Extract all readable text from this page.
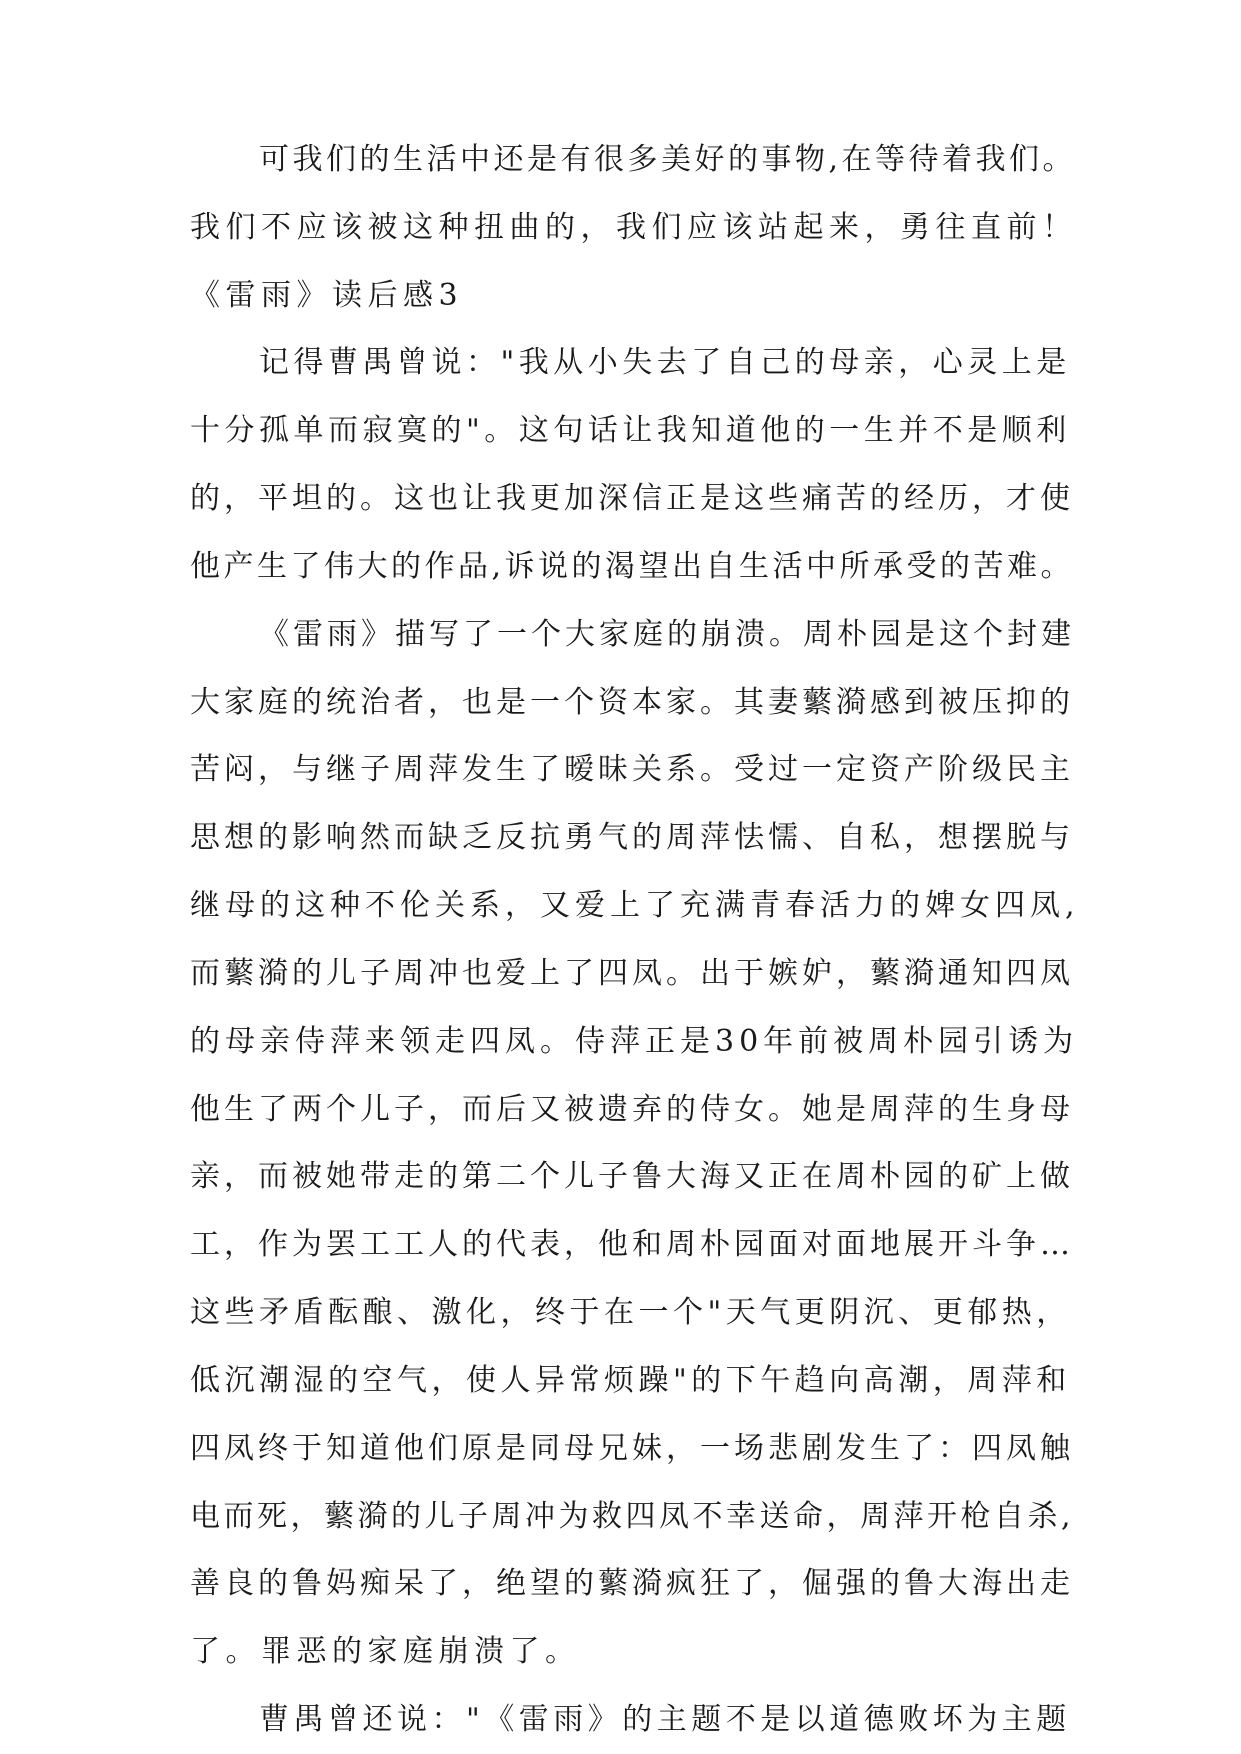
可我们的生活中还是有很多美好的事物,在等待着我们。

我们不应该被这种扭曲的，我们应该站起来，勇往直前！

《雷雨》读后感3

记得曹禺曾说："我从小失去了自己的母亲，心灵上是

十分孤单而寂寞的"。这句话让我知道他的一生并不是顺利

的，平坦的。这也让我更加深信正是这些痛苦的经历，才使

他产生了伟大的作品,诉说的渴望出自生活中所承受的苦难。

《雷雨》描写了一个大家庭的崩溃。周朴园是这个封建

大家庭的统治者，也是一个资本家。其妻蘩漪感到被压抑的

苦闷，与继子周萍发生了暧昧关系。受过一定资产阶级民主

思想的影响然而缺乏反抗勇气的周萍怯懦、自私，想摆脱与

继母的这种不伦关系，又爱上了充满青春活力的婢女四凤,

而蘩漪的儿子周冲也爱上了四凤。出于嫉妒，蘩漪通知四凤

的母亲侍萍来领走四凤。侍萍正是30年前被周朴园引诱为

他生了两个儿子，而后又被遗弃的侍女。她是周萍的生身母

亲，而被她带走的第二个儿子鲁大海又正在周朴园的矿上做

工，作为罢工工人的代表，他和周朴园面对面地展开斗争…

这些矛盾酝酿、激化，终于在一个"天气更阴沉、更郁热，

低沉潮湿的空气，使人异常烦躁"的下午趋向高潮，周萍和

四凤终于知道他们原是同母兄妹，一场悲剧发生了：四凤触

电而死，蘩漪的儿子周冲为救四凤不幸送命，周萍开枪自杀,

善良的鲁妈痴呆了，绝望的蘩漪疯狂了，倔强的鲁大海出走

了。罪恶的家庭崩溃了。

曹禺曾还说："《雷雨》的主题不是以道德败坏为主题
